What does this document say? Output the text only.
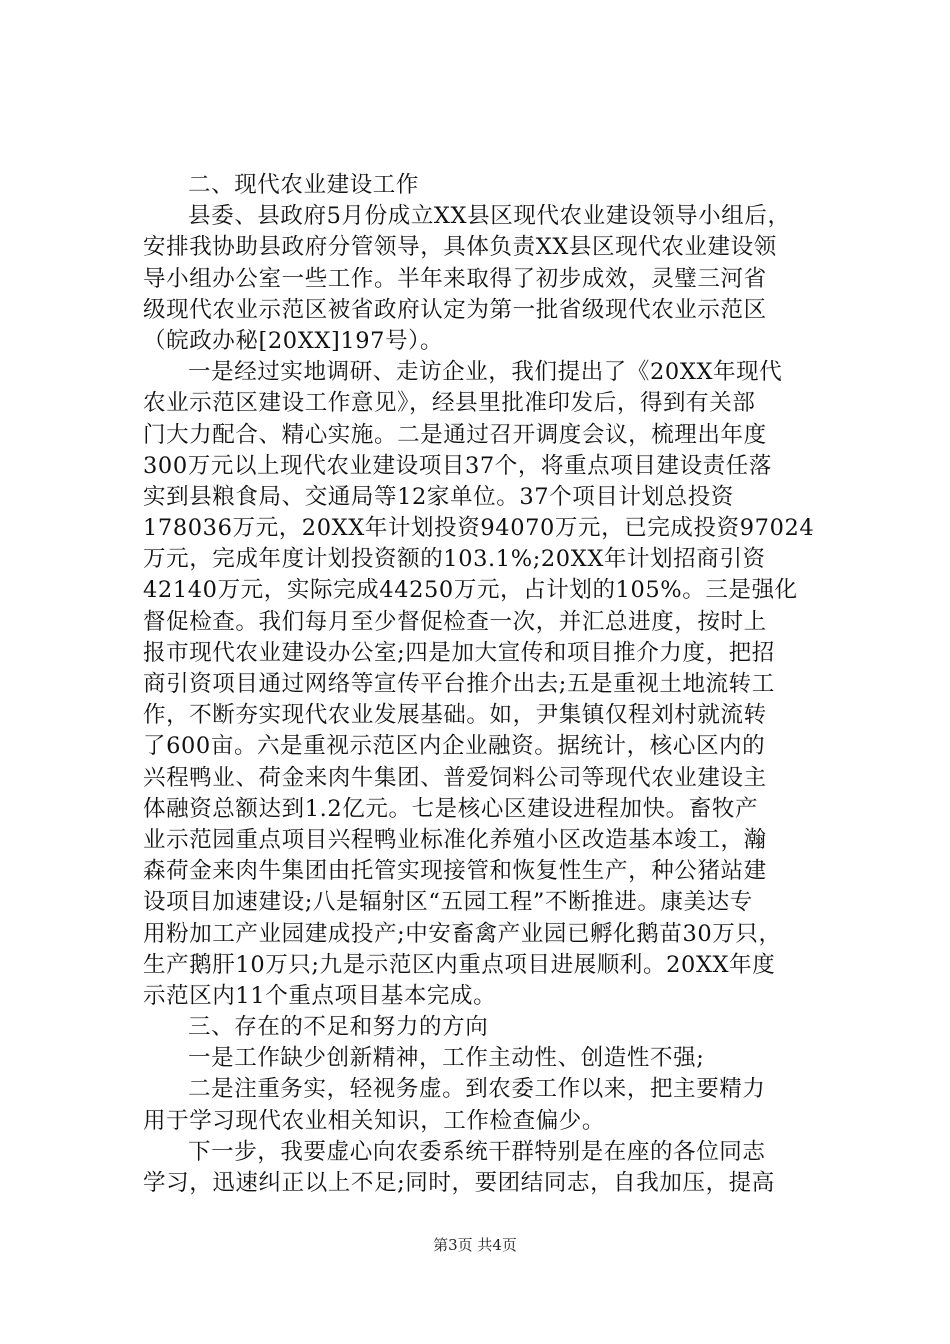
二、现代农业建设工作
县委、县政府5月份成立XX县区现代农业建设领导小组后，
安排我协助县政府分管领导，具体负责XX县区现代农业建设领
导小组办公室一些工作。半年来取得了初步成效，灵璧三河省
级现代农业示范区被省政府认定为第一批省级现代农业示范区
（皖政办秘[20XX]197号）。
一是经过实地调研、走访企业，我们提出了《20XX年现代
农业示范区建设工作意见》，经县里批准印发后，得到有关部
门大力配合、精心实施。二是通过召开调度会议，梳理出年度
300万元以上现代农业建设项目37个，将重点项目建设责任落
实到县粮食局、交通局等12家单位。37个项目计划总投资
178036万元，20XX年计划投资94070万元，已完成投资97024
万元，完成年度计划投资额的103.1%;20XX年计划招商引资
42140万元，实际完成44250万元，占计划的105%。三是强化
督促检查。我们每月至少督促检查一次，并汇总进度，按时上
报市现代农业建设办公室;四是加大宣传和项目推介力度，把招
商引资项目通过网络等宣传平台推介出去;五是重视土地流转工
作，不断夯实现代农业发展基础。如，尹集镇仅程刘村就流转
了600亩。六是重视示范区内企业融资。据统计，核心区内的
兴程鸭业、荷金来肉牛集团、普爱饲料公司等现代农业建设主
体融资总额达到1.2亿元。七是核心区建设进程加快。畜牧产
业示范园重点项目兴程鸭业标准化养殖小区改造基本竣工，瀚
森荷金来肉牛集团由托管实现接管和恢复性生产，种公猪站建
设项目加速建设;八是辐射区“五园工程”不断推进。康美达专
用粉加工产业园建成投产;中安畜禽产业园已孵化鹅苗30万只，
生产鹅肝10万只;九是示范区内重点项目进展顺利。20XX年度
示范区内11个重点项目基本完成。
三、存在的不足和努力的方向
一是工作缺少创新精神，工作主动性、创造性不强;
二是注重务实，轻视务虚。到农委工作以来，把主要精力
用于学习现代农业相关知识，工作检查偏少。
下一步，我要虚心向农委系统干群特别是在座的各位同志
学习，迅速纠正以上不足;同时，要团结同志，自我加压，提高
第3页 共4页
